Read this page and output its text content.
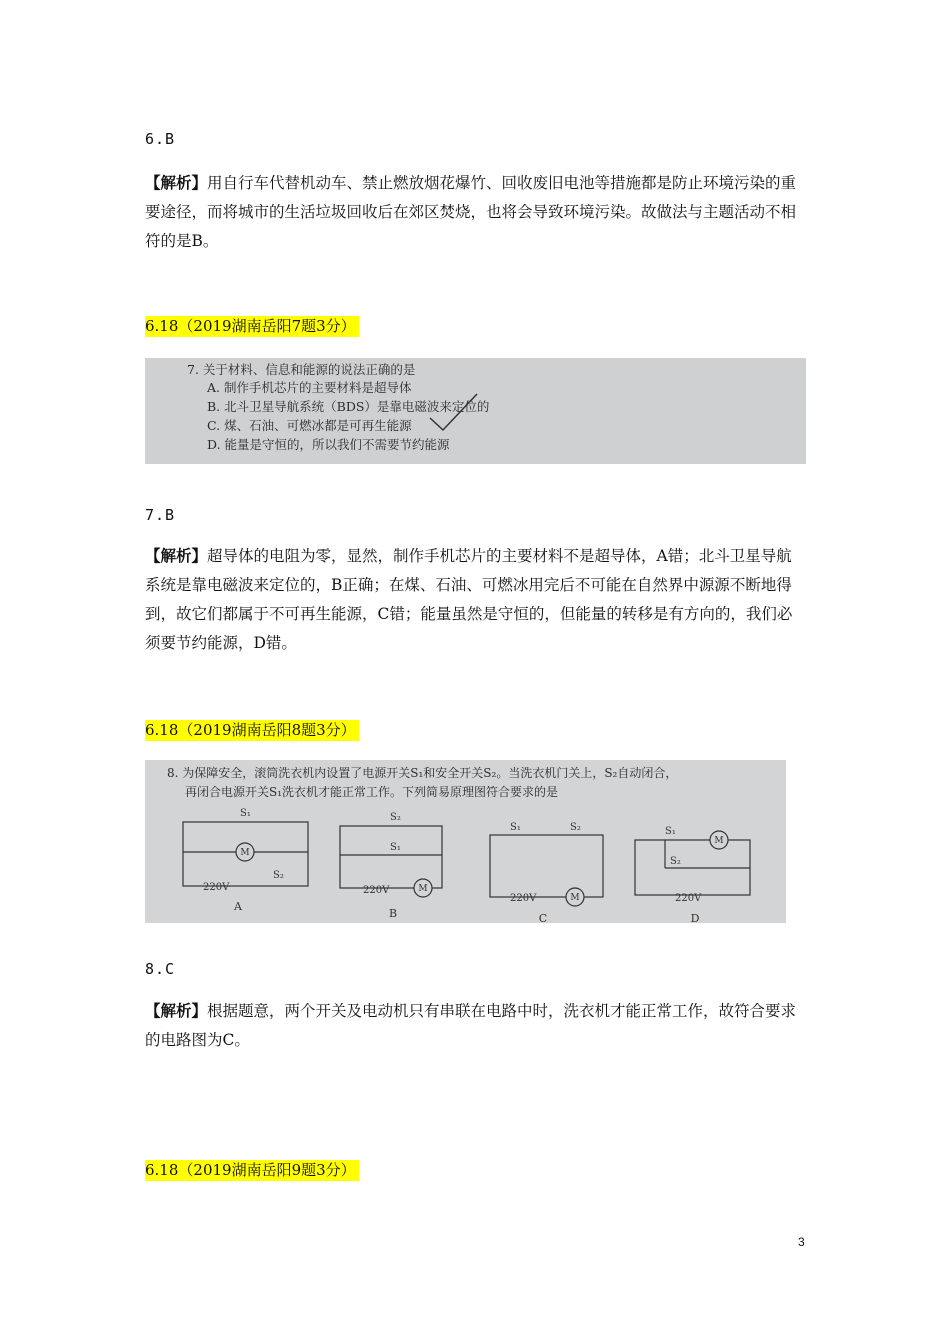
6.B
【解析】用自行车代替机动车、禁止燃放烟花爆竹、回收废旧电池等措施都是防止环境污染的重要途径，而将城市的生活垃圾回收后在郊区焚烧，也将会导致环境污染。故做法与主题活动不相符的是B。
6.18（2019湖南岳阳7题3分）
7. 关于材料、信息和能源的说法正确的是
A. 制作手机芯片的主要材料是超导体
B. 北斗卫星导航系统（BDS）是靠电磁波来定位的
C. 煤、石油、可燃冰都是可再生能源
D. 能量是守恒的，所以我们不需要节约能源
7.B
【解析】超导体的电阻为零，显然，制作手机芯片的主要材料不是超导体，A错；北斗卫星导航系统是靠电磁波来定位的，B正确；在煤、石油、可燃冰用完后不可能在自然界中源源不断地得到，故它们都属于不可再生能源，C错；能量虽然是守恒的，但能量的转移是有方向的，我们必须要节约能源，D错。
6.18（2019湖南岳阳8题3分）
8. 为保障安全，滚筒洗衣机内设置了电源开关S₁和安全开关S₂。当洗衣机门关上，S₂自动闭合，
再闭合电源开关S₁洗衣机才能正常工作。下列简易原理图符合要求的是
M
M
M
M
S₁
S₂
S₂
S₁
S₁	S₂	S₁
S₂
220V	220V
220V	220V
A
B	C	D
8.C
【解析】根据题意，两个开关及电动机只有串联在电路中时，洗衣机才能正常工作，故符合要求的电路图为C。
6.18（2019湖南岳阳9题3分）
3
